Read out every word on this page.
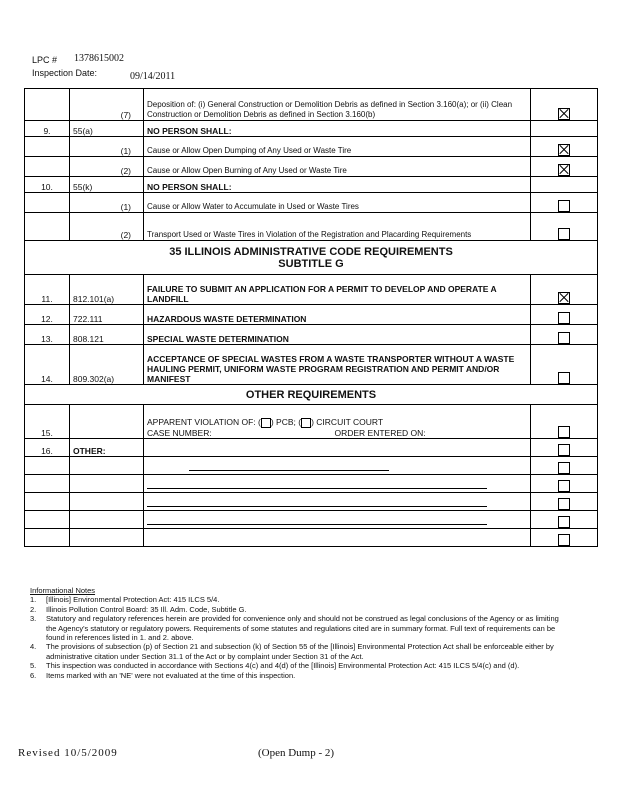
LPC # 1378615002
Inspection Date:	09/14/2011
	(7)	Deposition of: (i) General Construction or Demolition Debris as defined in Section 3.160(a); or (ii) Clean Construction or Demolition Debris as defined in Section 3.160(b)	
9.	55(a)	NO PERSON SHALL:	
	(1)	Cause or Allow Open Dumping of Any Used or Waste Tire	
	(2)	Cause or Allow Open Burning of Any Used or Waste Tire	
10.	55(k)	NO PERSON SHALL:	
	(1)	Cause or Allow Water to Accumulate in Used or Waste Tires	
	(2)	Transport Used or Waste Tires in Violation of the Registration and Placarding Requirements	

35 ILLINOIS ADMINISTRATIVE CODE REQUIREMENTS
SUBTITLE G			

11.	812.101(a)	FAILURE TO SUBMIT AN APPLICATION FOR A PERMIT TO DEVELOP AND OPERATE A LANDFILL	
12.	722.111	HAZARDOUS WASTE DETERMINATION	
13.	808.121	SPECIAL WASTE DETERMINATION	
14.	809.302(a)	ACCEPTANCE OF SPECIAL WASTES FROM A WASTE TRANSPORTER WITHOUT A WASTE HAULING PERMIT, UNIFORM WASTE PROGRAM REGISTRATION AND PERMIT AND/OR MANIFEST	
OTHER REQUIREMENTS			
15.		APPARENT VIOLATION OF: ( ) PCB; ( ) CIRCUIT COURT
CASE NUMBER: ORDER ENTERED ON:	

16.	OTHER:		

Informational Notes
1.	[Illinois] Environmental Protection Act: 415 ILCS 5/4.
2.	Illinois Pollution Control Board: 35 Ill. Adm. Code, Subtitle G.
3.	Statutory and regulatory references herein are provided for convenience only and should not be construed as legal conclusions of the Agency or as limiting the Agency's statutory or regulatory powers. Requirements of some statutes and regulations cited are in summary format. Full text of requirements can be found in references listed in 1. and 2. above.
4.	The provisions of subsection (p) of Section 21 and subsection (k) of Section 55 of the [Illinois] Environmental Protection Act shall be enforceable either by administrative citation under Section 31.1 of the Act or by complaint under Section 31 of the Act.
5.	This inspection was conducted in accordance with Sections 4(c) and 4(d) of the [Illinois] Environmental Protection Act: 415 ILCS 5/4(c) and (d).
6.	Items marked with an 'NE' were not evaluated at the time of this inspection.
Revised 10/5/2009	(Open Dump - 2)
